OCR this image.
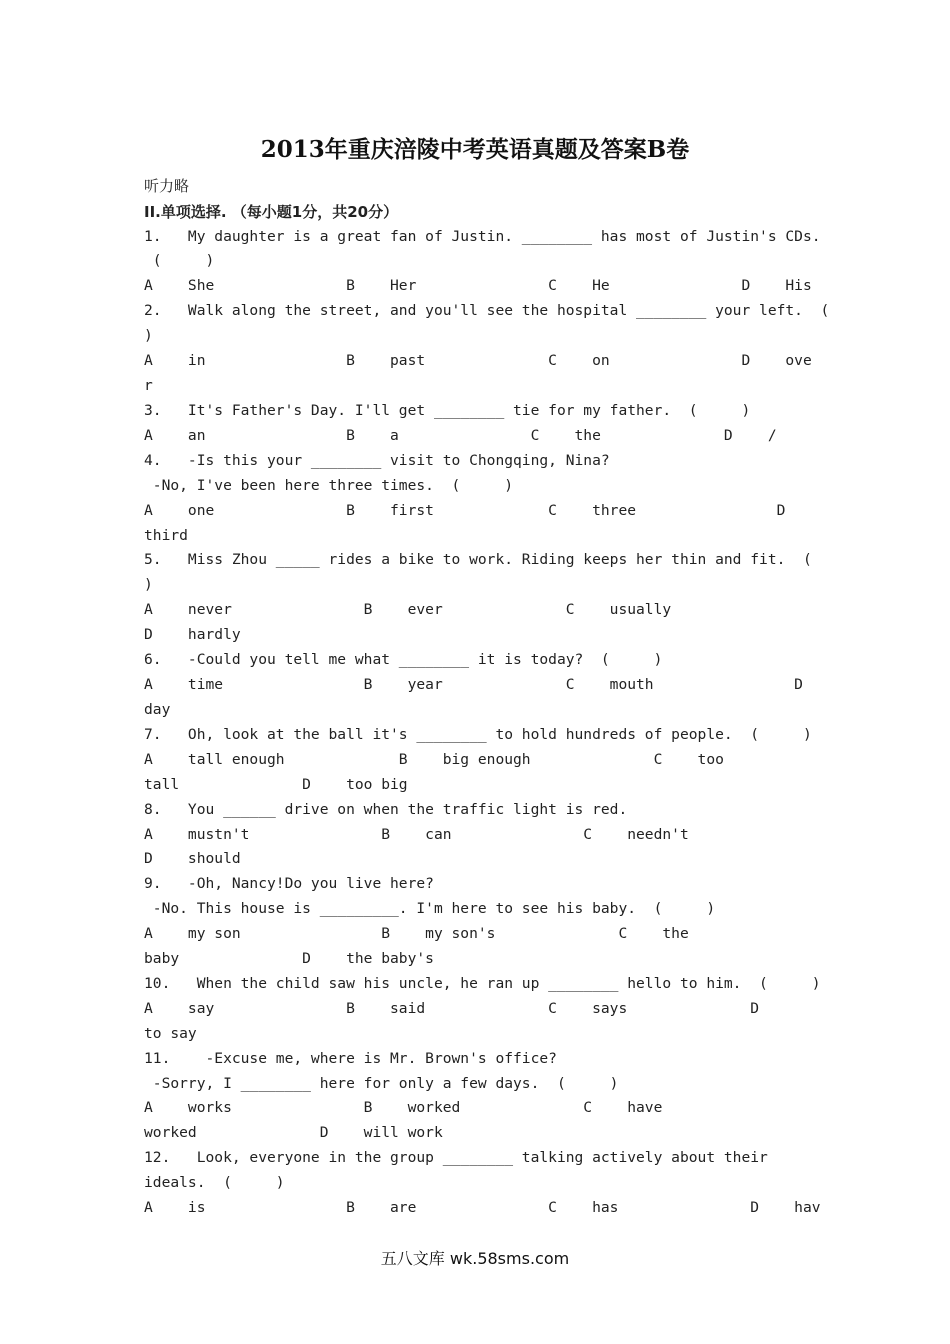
2013年重庆涪陵中考英语真题及答案B卷
听力略
II.单项选择. （每小题1分，共20分）
1.   My daughter is a great fan of Justin. ________ has most of Justin's CDs.
(     )
A    She               B    Her               C    He               D    His
2.   Walk along the street, and you'll see the hospital ________ your left.  (
)
A    in                B    past              C    on               D    ove
r
3.   It's Father's Day. I'll get ________ tie for my father.  (     )
A    an                B    a               C    the              D    /
4.   -Is this your ________ visit to Chongqing, Nina?
-No, I've been here three times.  (     )
A    one               B    first             C    three                D
third
5.   Miss Zhou _____ rides a bike to work. Riding keeps her thin and fit.  (
)
A    never               B    ever              C    usually
D    hardly
6.   -Could you tell me what ________ it is today?  (     )
A    time                B    year              C    mouth                D
day
7.   Oh, look at the ball it's ________ to hold hundreds of people.  (     )
A    tall enough             B    big enough              C    too
tall              D    too big
8.   You ______ drive on when the traffic light is red.
A    mustn't               B    can               C    needn't
D    should
9.   -Oh, Nancy!Do you live here?
-No. This house is _________. I'm here to see his baby.  (     )
A    my son                B    my son's              C    the
baby              D    the baby's
10.   When the child saw his uncle, he ran up ________ hello to him.  (     )
A    say               B    said              C    says              D
to say
11.    -Excuse me, where is Mr. Brown's office?
-Sorry, I ________ here for only a few days.  (     )
A    works               B    worked              C    have
worked              D    will work
12.   Look, everyone in the group ________ talking actively about their
ideals.  (     )
A    is                B    are               C    has               D    hav
五八文库 wk.58sms.com
